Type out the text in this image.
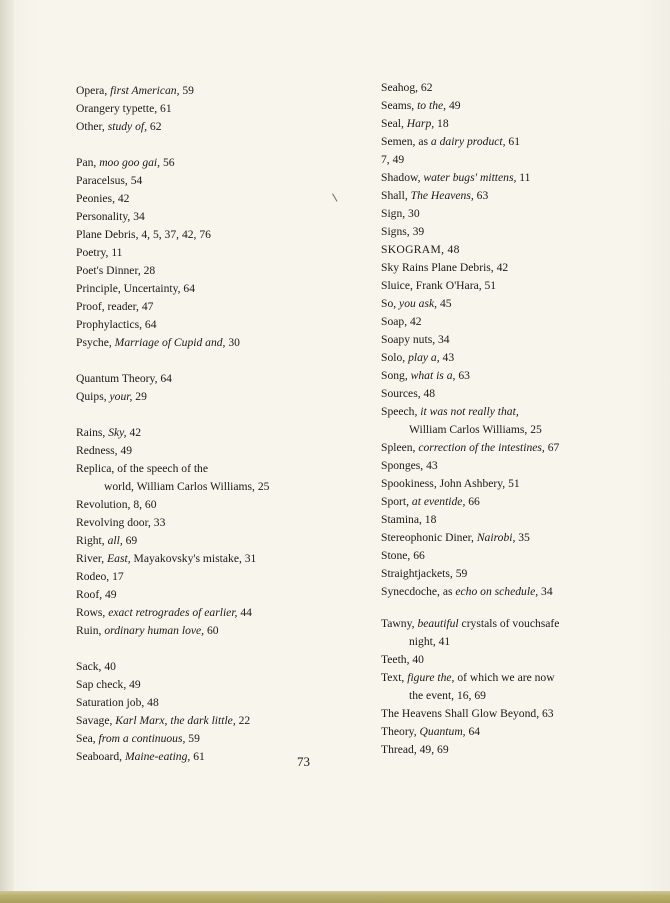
Opera, first American, 59
Orangery typette, 61
Other, study of, 62
Pan, moo goo gai, 56
Paracelsus, 54
Peonies, 42
Personality, 34
Plane Debris, 4, 5, 37, 42, 76
Poetry, 11
Poet's Dinner, 28
Principle, Uncertainty, 64
Proof, reader, 47
Prophylactics, 64
Psyche, Marriage of Cupid and, 30
Quantum Theory, 64
Quips, your, 29
Rains, Sky, 42
Redness, 49
Replica, of the speech of the
world, William Carlos Williams, 25
Revolution, 8, 60
Revolving door, 33
Right, all, 69
River, East, Mayakovsky's mistake, 31
Rodeo, 17
Roof, 49
Rows, exact retrogrades of earlier, 44
Ruin, ordinary human love, 60
Sack, 40
Sap check, 49
Saturation job, 48
Savage, Karl Marx, the dark little, 22
Sea, from a continuous, 59
Seaboard, Maine-eating, 61
Seahog, 62
Seams, to the, 49
Seal, Harp, 18
Semen, as a dairy product, 61
7, 49
Shadow, water bugs' mittens, 11
Shall, The Heavens, 63
Sign, 30
Signs, 39
SKOGRAM, 48
Sky Rains Plane Debris, 42
Sluice, Frank O'Hara, 51
So, you ask, 45
Soap, 42
Soapy nuts, 34
Solo, play a, 43
Song, what is a, 63
Sources, 48
Speech, it was not really that,
William Carlos Williams, 25
Spleen, correction of the intestines, 67
Sponges, 43
Spookiness, John Ashbery, 51
Sport, at eventide, 66
Stamina, 18
Stereophonic Diner, Nairobi, 35
Stone, 66
Straightjackets, 59
Synecdoche, as echo on schedule, 34
Tawny, beautiful crystals of vouchsafe
night, 41
Teeth, 40
Text, figure the, of which we are now
the event, 16, 69
The Heavens Shall Glow Beyond, 63
Theory, Quantum, 64
Thread, 49, 69
73
